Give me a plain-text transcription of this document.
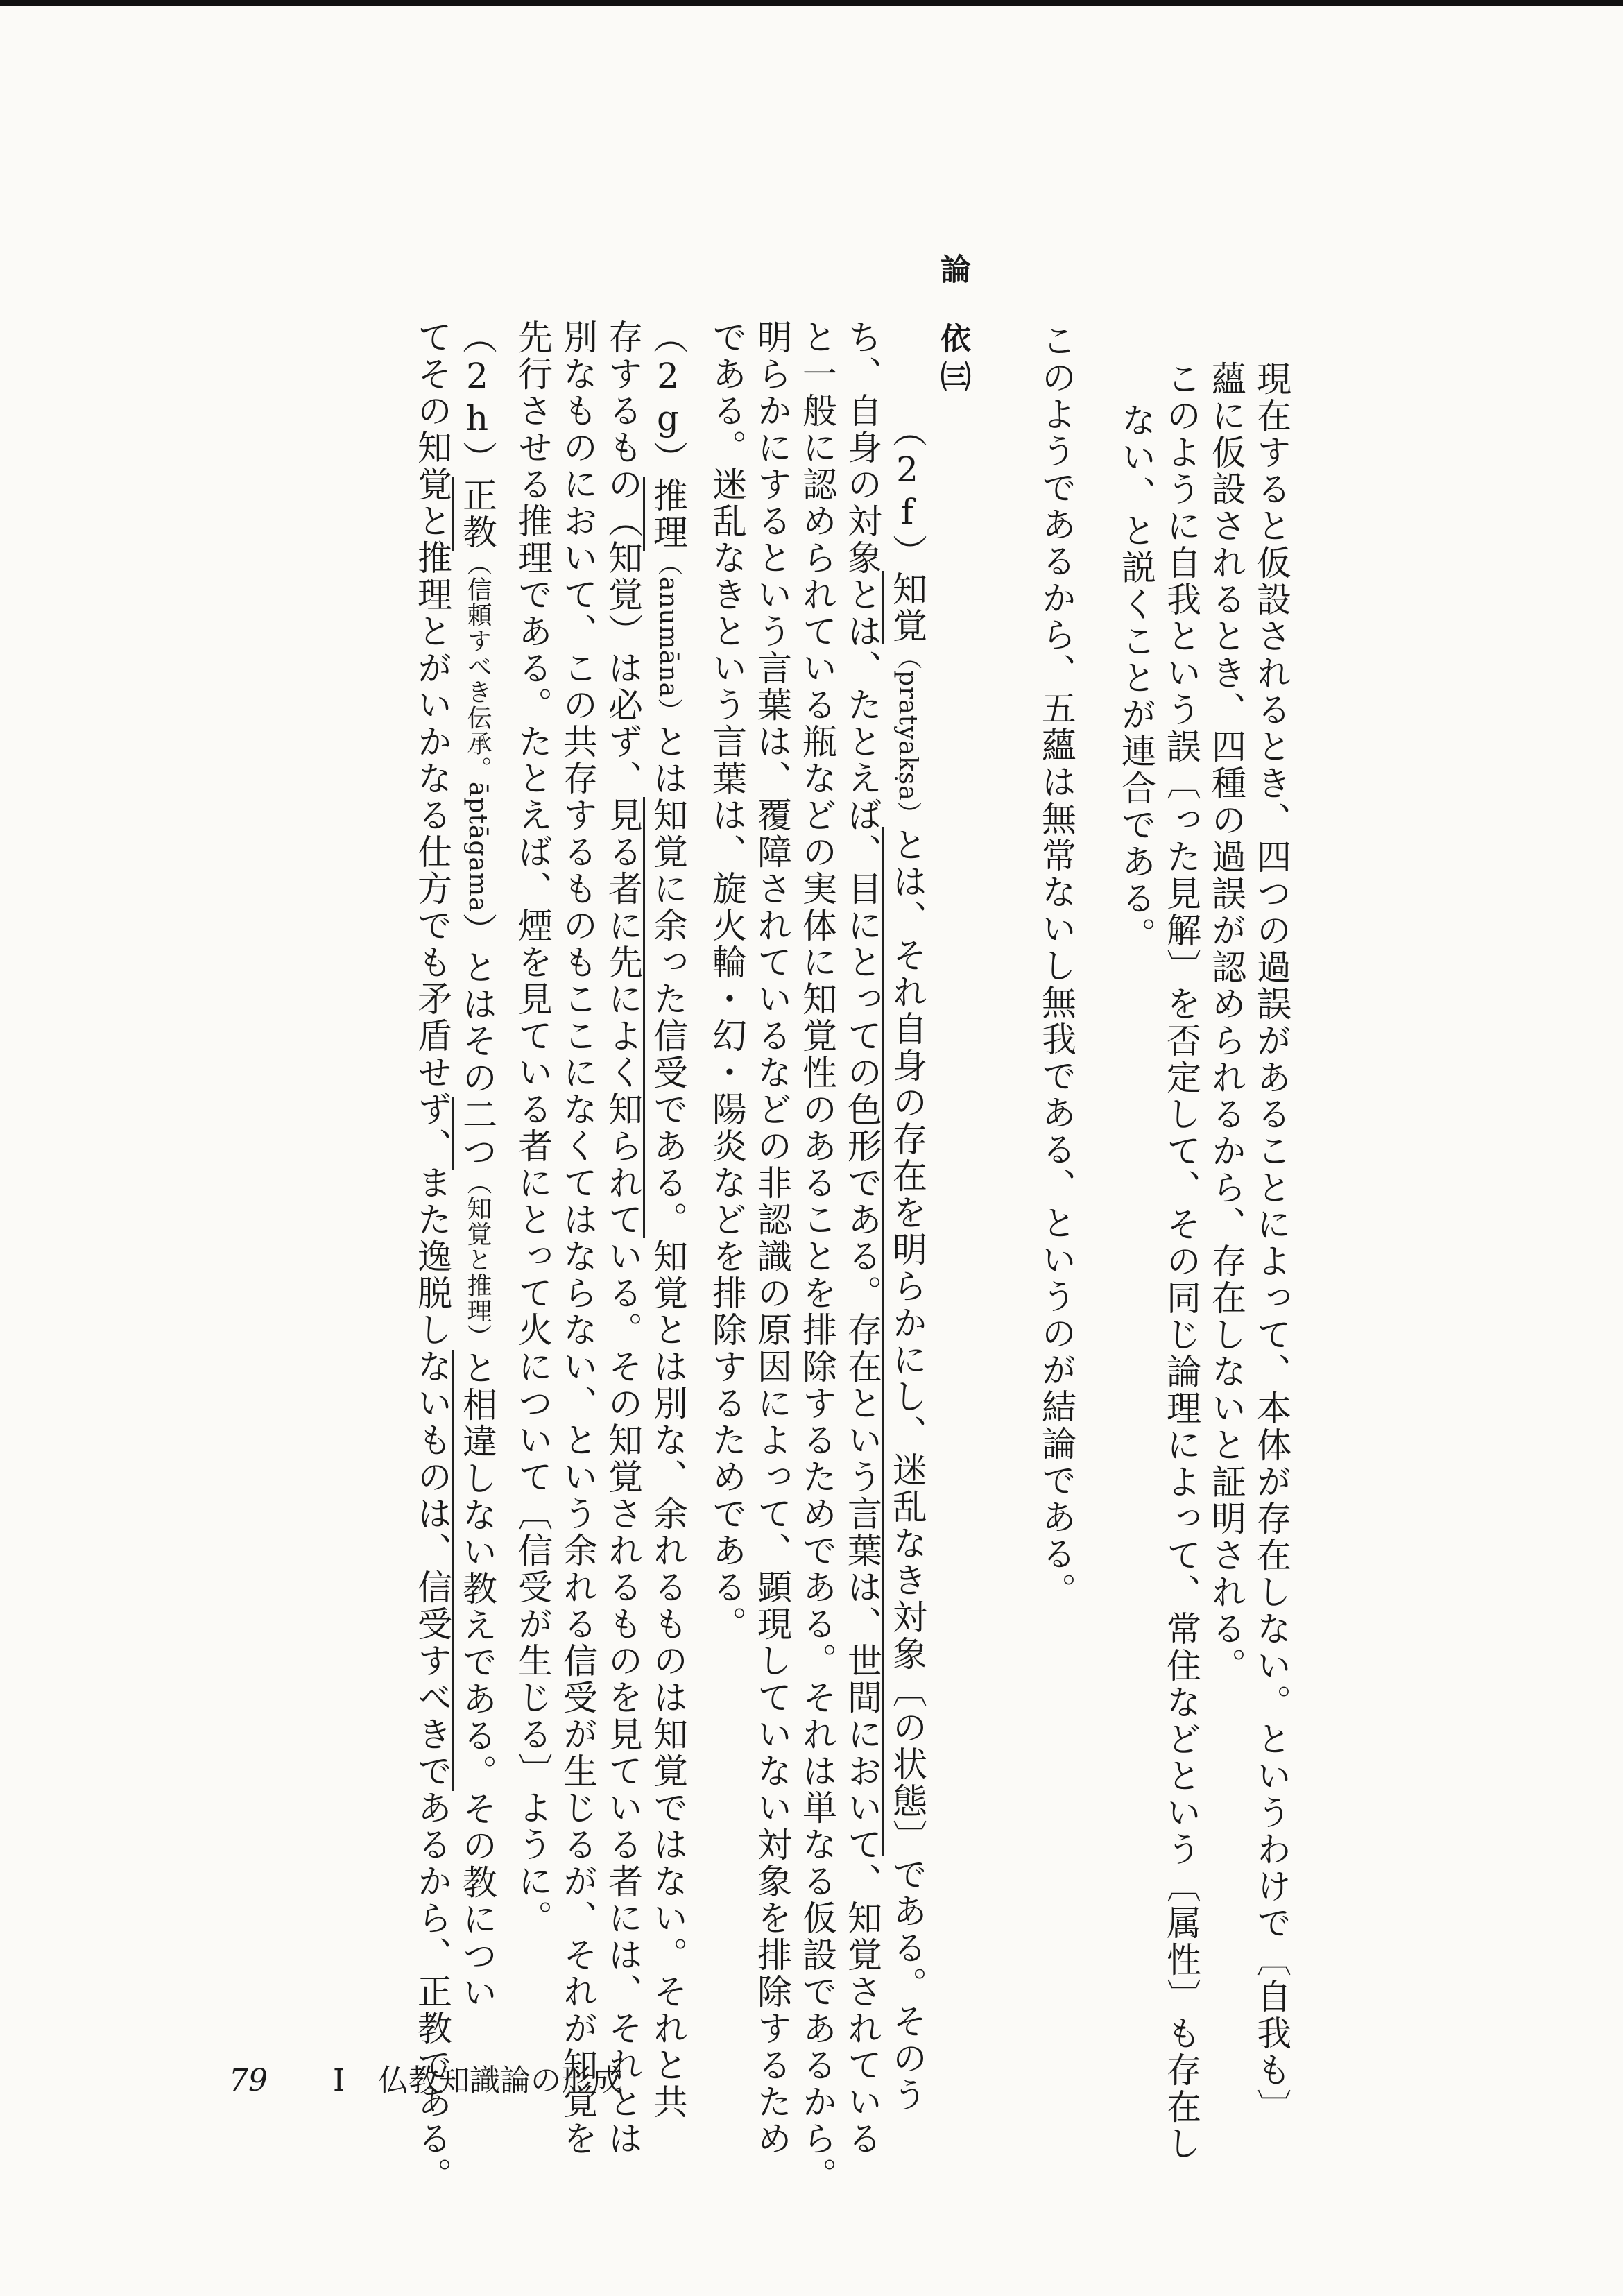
現在すると仮設されるとき、四つの過誤があることによって、本体が存在しない。というわけで〔自我も〕
蘊に仮設されるとき、四種の過誤が認められるから、存在しないと証明される。
このように自我という誤〔った見解〕を否定して、その同じ論理によって、常住などという〔属性〕も存在し
ない、と説くことが連合である。
このようであるから、五蘊は無常ないし無我である、というのが結論である。
論
依
㈢
（2f）知覚（pratyakṣa）とは、それ自身の存在を明らかにし、迷乱なき対象〔の状態〕である。そのう
ち、自身の対象とは、たとえば、目にとっての色形である。存在という言葉は、世間において、知覚されている
と一般に認められている瓶などの実体に知覚性のあることを排除するためである。それは単なる仮設であるから。
明らかにするという言葉は、覆障されているなどの非認識の原因によって、顕現していない対象を排除するため
である。迷乱なきという言葉は、旋火輪・幻・陽炎などを排除するためである。
（2g）推理（anumāna）とは知覚に余った信受である。知覚とは別な、余れるものは知覚ではない。それと共
存するもの（知覚）は必ず、見る者に先によく知られている。その知覚されるものを見ている者には、それとは
別なものにおいて、この共存するものもここになくてはならない、という余れる信受が生じるが、それが知覚を
先行させる推理である。たとえば、煙を見ている者にとって火について〔信受が生じる〕ように。
（2h）正教（信頼すべき伝承。āptāgama）とはその二つ（知覚と推理）と相違しない教えである。その教につい
てその知覚と推理とがいかなる仕方でも矛盾せず、また逸脱しないものは、信受すべきであるから、正教である。
79 I 仏教知識論の形成
